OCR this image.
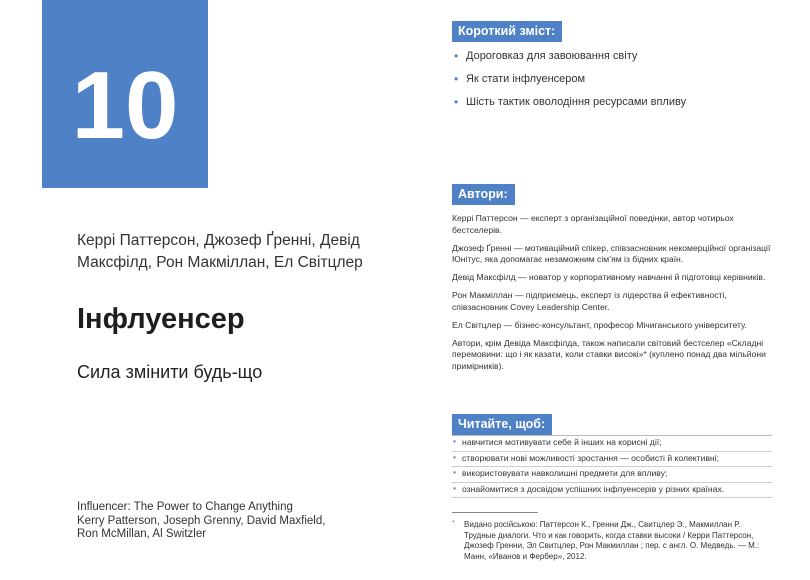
10
Керрі Паттерсон, Джозеф Ґренні, Девід
Максфілд, Рон Макміллан, Ел Світцлер
Інфлуенсер
Сила змінити будь-що
Influencer: The Power to Change Anything
Kerry Patterson, Joseph Grenny, David Maxfield,
Ron McMillan, Al Switzler
Короткий зміст:
• Дороговказ для завоювання світу
• Як стати інфлуенсером
• Шість тактик оволодіння ресурсами впливу
Автори:

Керрі Паттерсон — експерт з організаційної поведінки, автор чотирьох бестселерів.

Джозеф Ґренні — мотиваційний спікер, співзасновник некомерційної організації Юнітус, яка допомагає незаможним сім’ям із бідних країн.

Девід Максфілд — новатор у корпоративному навчанні й підготовці керівників.

Рон Макміллан — підприємець, експерт із лідерства й ефективності, співзасновник Covey Leadership Center.

Ел Світцлер — бізнес-консультант, професор Мічиганського університету.

Автори, крім Девіда Максфілда, також написали світовий бестселер «Складні перемовини: що і як казати, коли ставки високі»* (куплено понад два мільйони примірників).

Читайте, щоб:
• навчитися мотивувати себе й інших на корисні дії;
• створювати нові можливості зростання — особисті й колективні;
• використовувати навколишні предмети для впливу;
• ознайомитися з досвідом успішних інфлуенсерів у різних країнах.
*	Видано російською: Паттерсон К., Гренни Дж., Свитцлер Э., Макмиллан Р. Трудные диалоги. Что и как говорить, когда ставки высоки / Керри Паттерсон, Джозеф Гренни, Эл Свитцлер, Рон Макмиллан ; пер. с англ. О. Медведь. — М.: Манн, «Иванов и Фербер», 2012.
